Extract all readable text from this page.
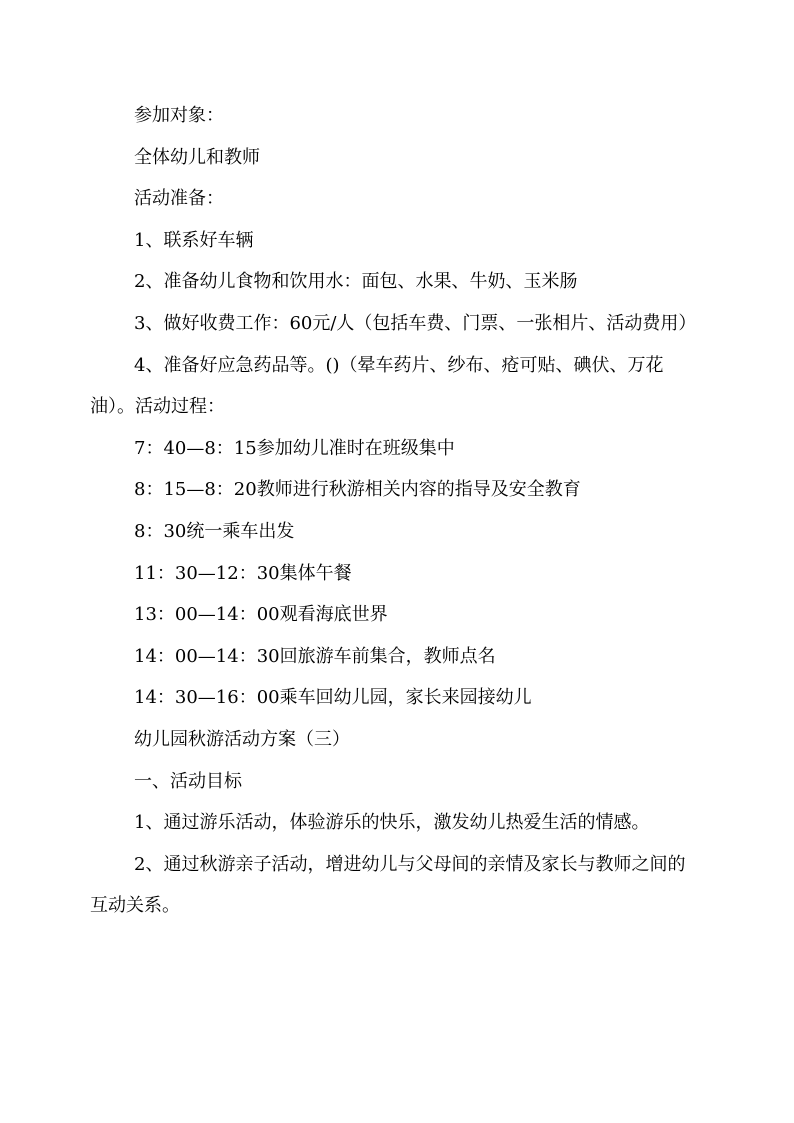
参加对象：

全体幼儿和教师

活动准备：

1、联系好车辆

2、准备幼儿食物和饮用水：面包、水果、牛奶、玉米肠

3、做好收费工作：60元/人（包括车费、门票、一张相片、活动费用）

4、准备好应急药品等。()（晕车药片、纱布、疮可贴、碘伏、万花油）。活动过程：

7：40—8：15参加幼儿准时在班级集中

8：15—8：20教师进行秋游相关内容的指导及安全教育

8：30统一乘车出发

11：30—12：30集体午餐

13：00—14：00观看海底世界

14：00—14：30回旅游车前集合，教师点名

14：30—16：00乘车回幼儿园，家长来园接幼儿

幼儿园秋游活动方案（三）

一、活动目标

1、通过游乐活动，体验游乐的快乐，激发幼儿热爱生活的情感。

2、通过秋游亲子活动，增进幼儿与父母间的亲情及家长与教师之间的互动关系。
